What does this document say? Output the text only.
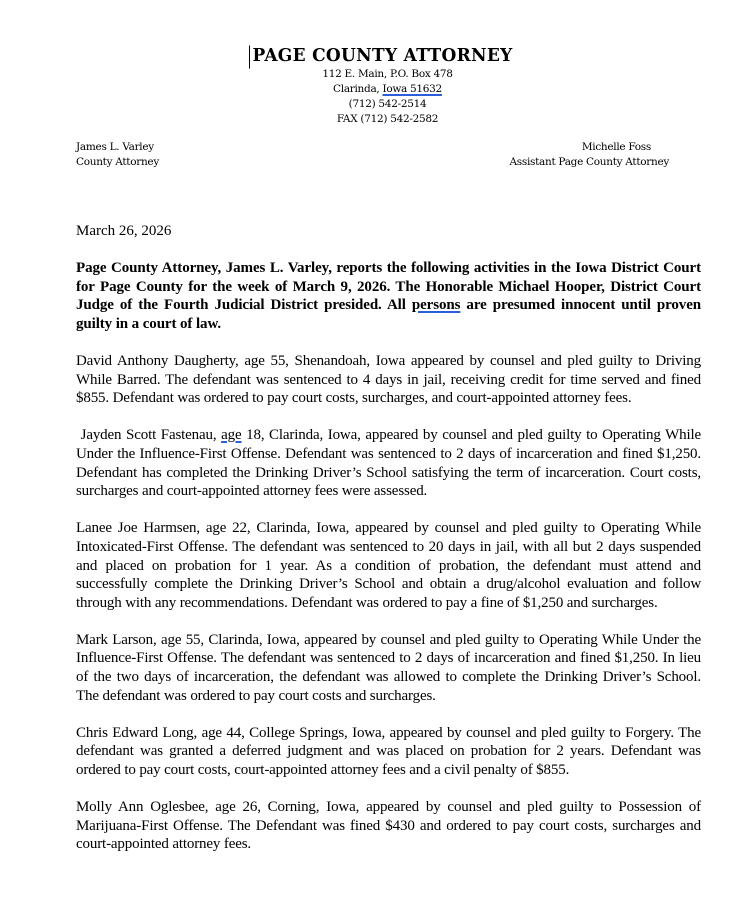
PAGE COUNTY ATTORNEY
112 E. Main, P.O. Box 478
Clarinda, Iowa 51632
(712) 542-2514
FAX (712) 542-2582
James L. Varley
County Attorney
Michelle Foss
Assistant Page County Attorney
March 26, 2026

Page County Attorney, James L. Varley, reports the following activities in the Iowa District Court for Page County for the week of March 9, 2026. The Honorable Michael Hooper, District Court Judge of the Fourth Judicial District presided. All persons are presumed innocent until proven guilty in a court of law.

David Anthony Daugherty, age 55, Shenandoah, Iowa appeared by counsel and pled guilty to Driving While Barred. The defendant was sentenced to 4 days in jail, receiving credit for time served and fined $855. Defendant was ordered to pay court costs, surcharges, and court-appointed attorney fees.

Jayden Scott Fastenau, age 18, Clarinda, Iowa, appeared by counsel and pled guilty to Operating While Under the Influence-First Offense. Defendant was sentenced to 2 days of incarceration and fined $1,250. Defendant has completed the Drinking Driver’s School satisfying the term of incarceration. Court costs, surcharges and court-appointed attorney fees were assessed.

Lanee Joe Harmsen, age 22, Clarinda, Iowa, appeared by counsel and pled guilty to Operating While Intoxicated-First Offense. The defendant was sentenced to 20 days in jail, with all but 2 days suspended and placed on probation for 1 year. As a condition of probation, the defendant must attend and successfully complete the Drinking Driver’s School and obtain a drug/alcohol evaluation and follow through with any recommendations. Defendant was ordered to pay a fine of $1,250 and surcharges.

Mark Larson, age 55, Clarinda, Iowa, appeared by counsel and pled guilty to Operating While Under the Influence-First Offense. The defendant was sentenced to 2 days of incarceration and fined $1,250. In lieu of the two days of incarceration, the defendant was allowed to complete the Drinking Driver’s School. The defendant was ordered to pay court costs and surcharges.

Chris Edward Long, age 44, College Springs, Iowa, appeared by counsel and pled guilty to Forgery. The defendant was granted a deferred judgment and was placed on probation for 2 years. Defendant was ordered to pay court costs, court-appointed attorney fees and a civil penalty of $855.

Molly Ann Oglesbee, age 26, Corning, Iowa, appeared by counsel and pled guilty to Possession of Marijuana-First Offense. The Defendant was fined $430 and ordered to pay court costs, surcharges and court-appointed attorney fees.
